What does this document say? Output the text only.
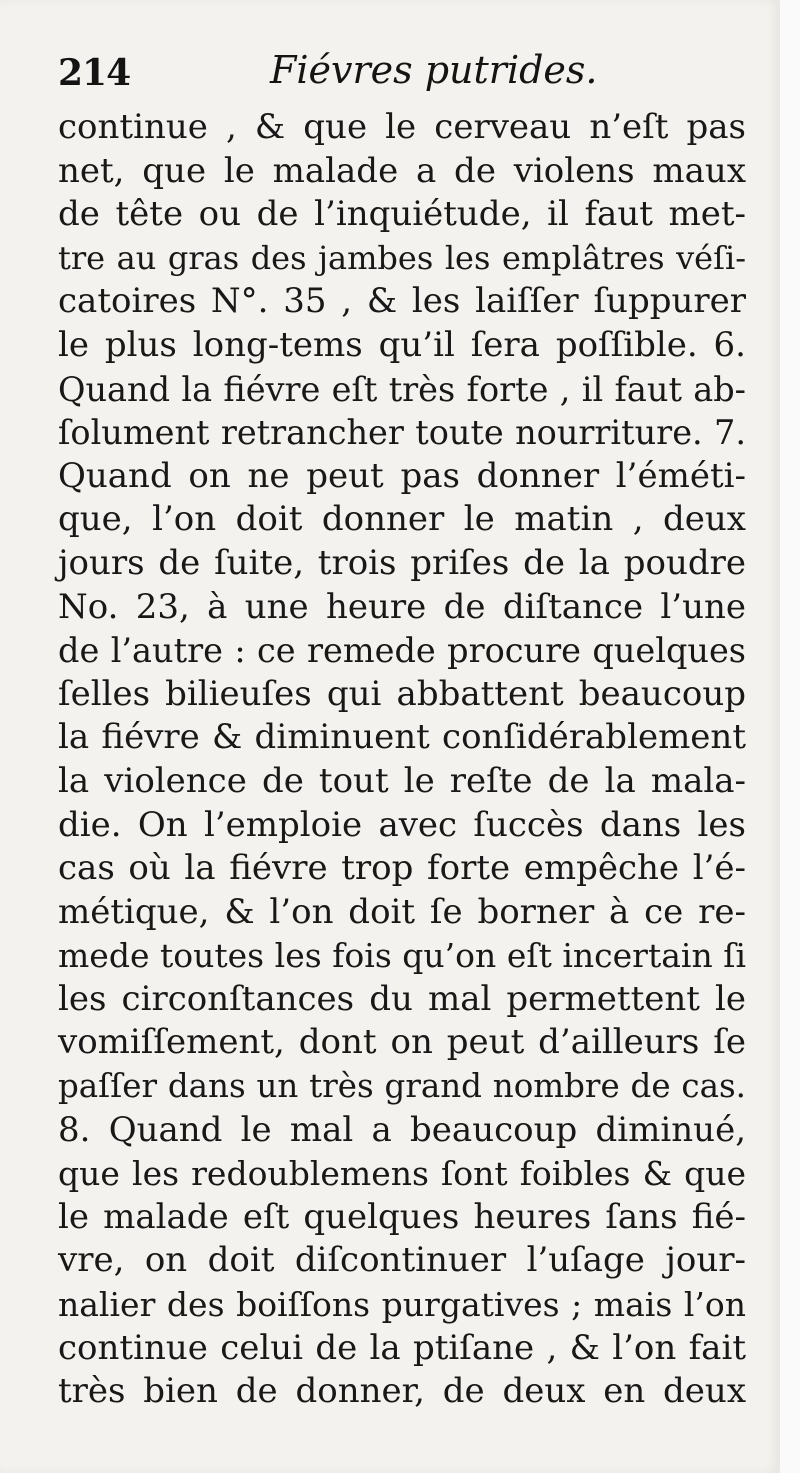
214	Fiévres putrides.
continue , & que le cerveau n’eſt pas
net, que le malade a de violens maux
de tête ou de l’inquiétude, il faut met-
tre au gras des jambes les emplâtres véſi-
catoires N°. 35 , & les laiſſer ſuppurer
le plus long-tems qu’il ſera poſſible. 6.
Quand la fiévre eſt très forte , il faut ab-
ſolument retrancher toute nourriture. 7.
Quand on ne peut pas donner l’éméti-
que, l’on doit donner le matin , deux
jours de ſuite, trois priſes de la poudre
No. 23, à une heure de diſtance l’une
de l’autre : ce remede procure quelques
ſelles bilieuſes qui abbattent beaucoup
la fiévre & diminuent conſidérablement
la violence de tout le reſte de la mala-
die. On l’emploie avec ſuccès dans les
cas où la fiévre trop forte empêche l’é-
métique, & l’on doit ſe borner à ce re-
mede toutes les fois qu’on eſt incertain ſi
les circonſtances du mal permettent le
vomiſſement, dont on peut d’ailleurs ſe
paſſer dans un très grand nombre de cas.
8. Quand le mal a beaucoup diminué,
que les redoublemens ſont foibles & que
le malade eſt quelques heures ſans fié-
vre, on doit diſcontinuer l’uſage jour-
nalier des boiſſons purgatives ; mais l’on
continue celui de la ptiſane , & l’on fait
très bien de donner, de deux en deux
